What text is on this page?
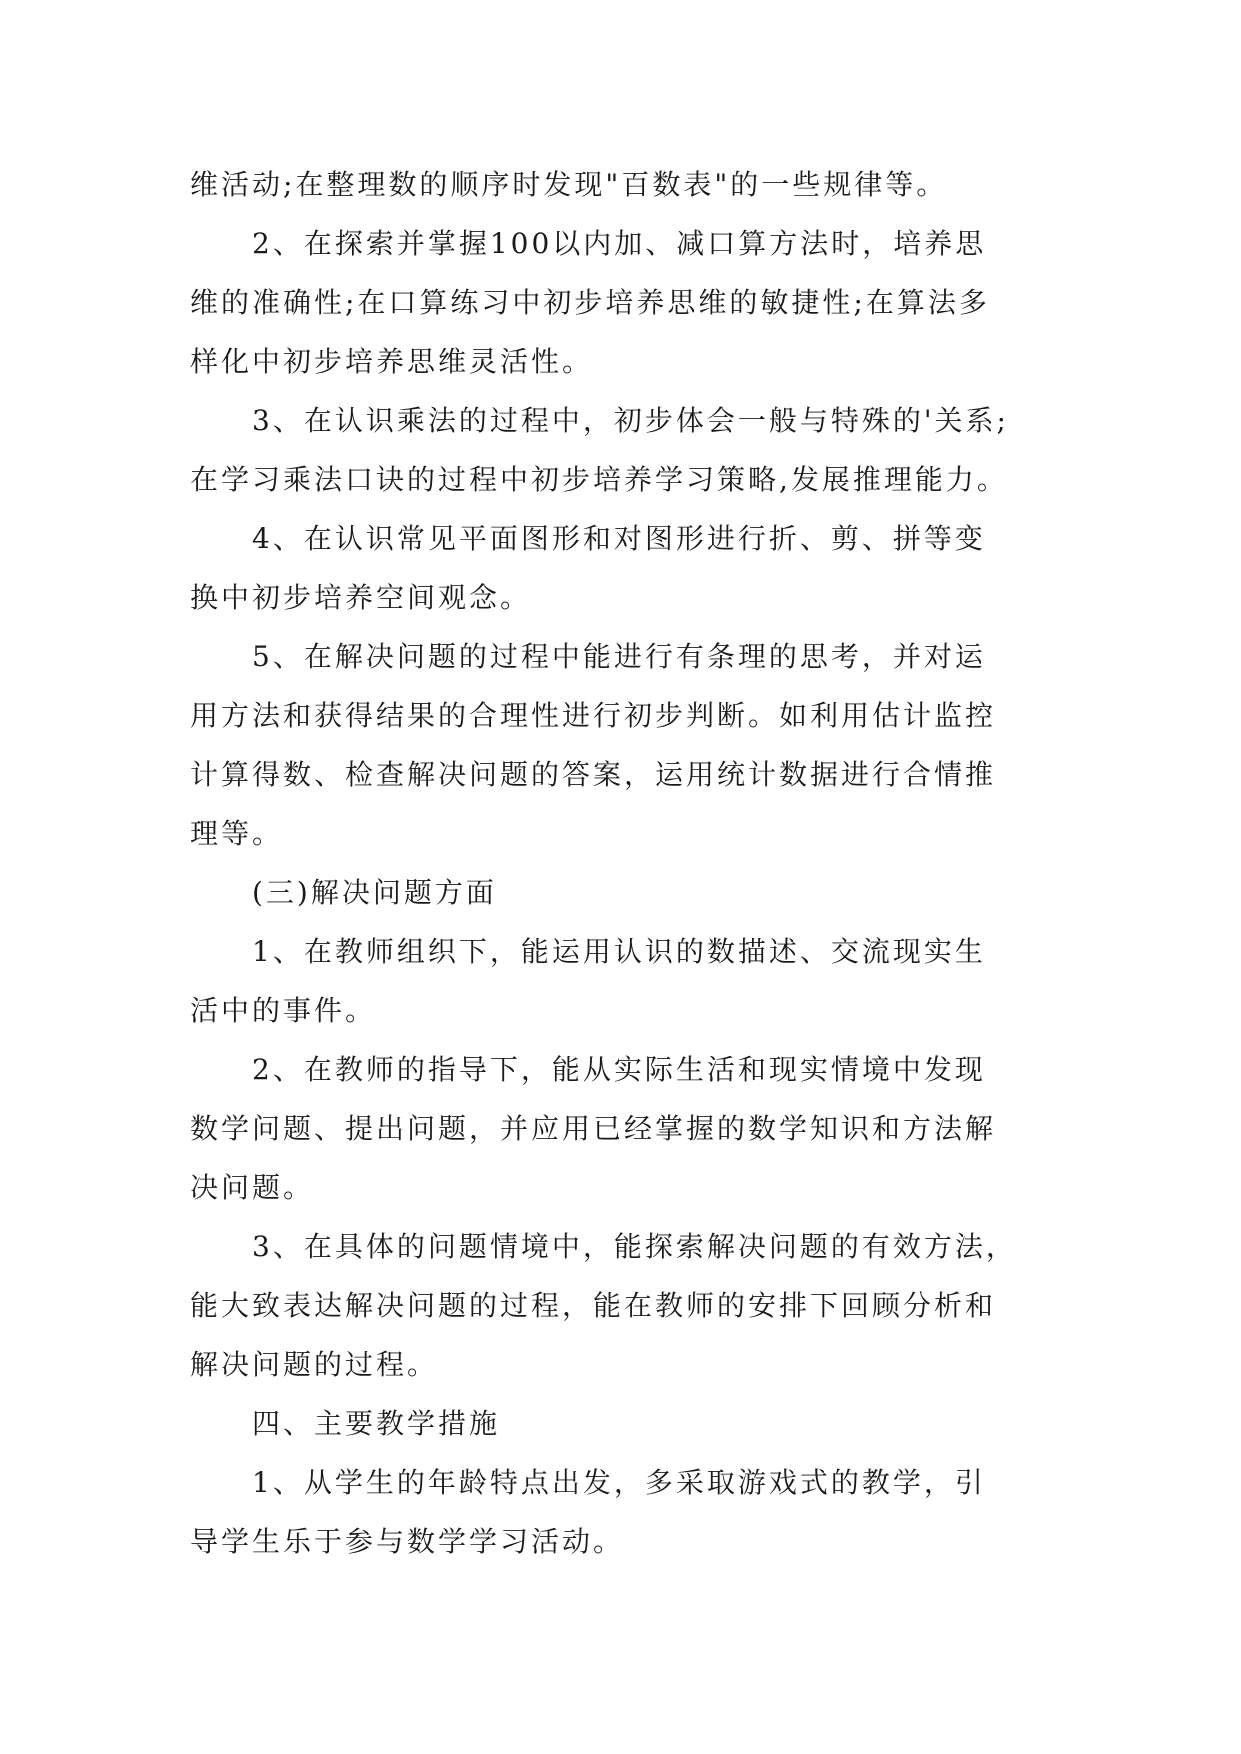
维活动;在整理数的顺序时发现"百数表"的一些规律等。
2、在探索并掌握100以内加、减口算方法时，培养思
维的准确性;在口算练习中初步培养思维的敏捷性;在算法多
样化中初步培养思维灵活性。
3、在认识乘法的过程中，初步体会一般与特殊的'关系;
在学习乘法口诀的过程中初步培养学习策略,发展推理能力。
4、在认识常见平面图形和对图形进行折、剪、拼等变
换中初步培养空间观念。
5、在解决问题的过程中能进行有条理的思考，并对运
用方法和获得结果的合理性进行初步判断。如利用估计监控
计算得数、检查解决问题的答案，运用统计数据进行合情推
理等。
(三)解决问题方面
1、在教师组织下，能运用认识的数描述、交流现实生
活中的事件。
2、在教师的指导下，能从实际生活和现实情境中发现
数学问题、提出问题，并应用已经掌握的数学知识和方法解
决问题。
3、在具体的问题情境中，能探索解决问题的有效方法，
能大致表达解决问题的过程，能在教师的安排下回顾分析和
解决问题的过程。
四、主要教学措施
1、从学生的年龄特点出发，多采取游戏式的教学，引
导学生乐于参与数学学习活动。
